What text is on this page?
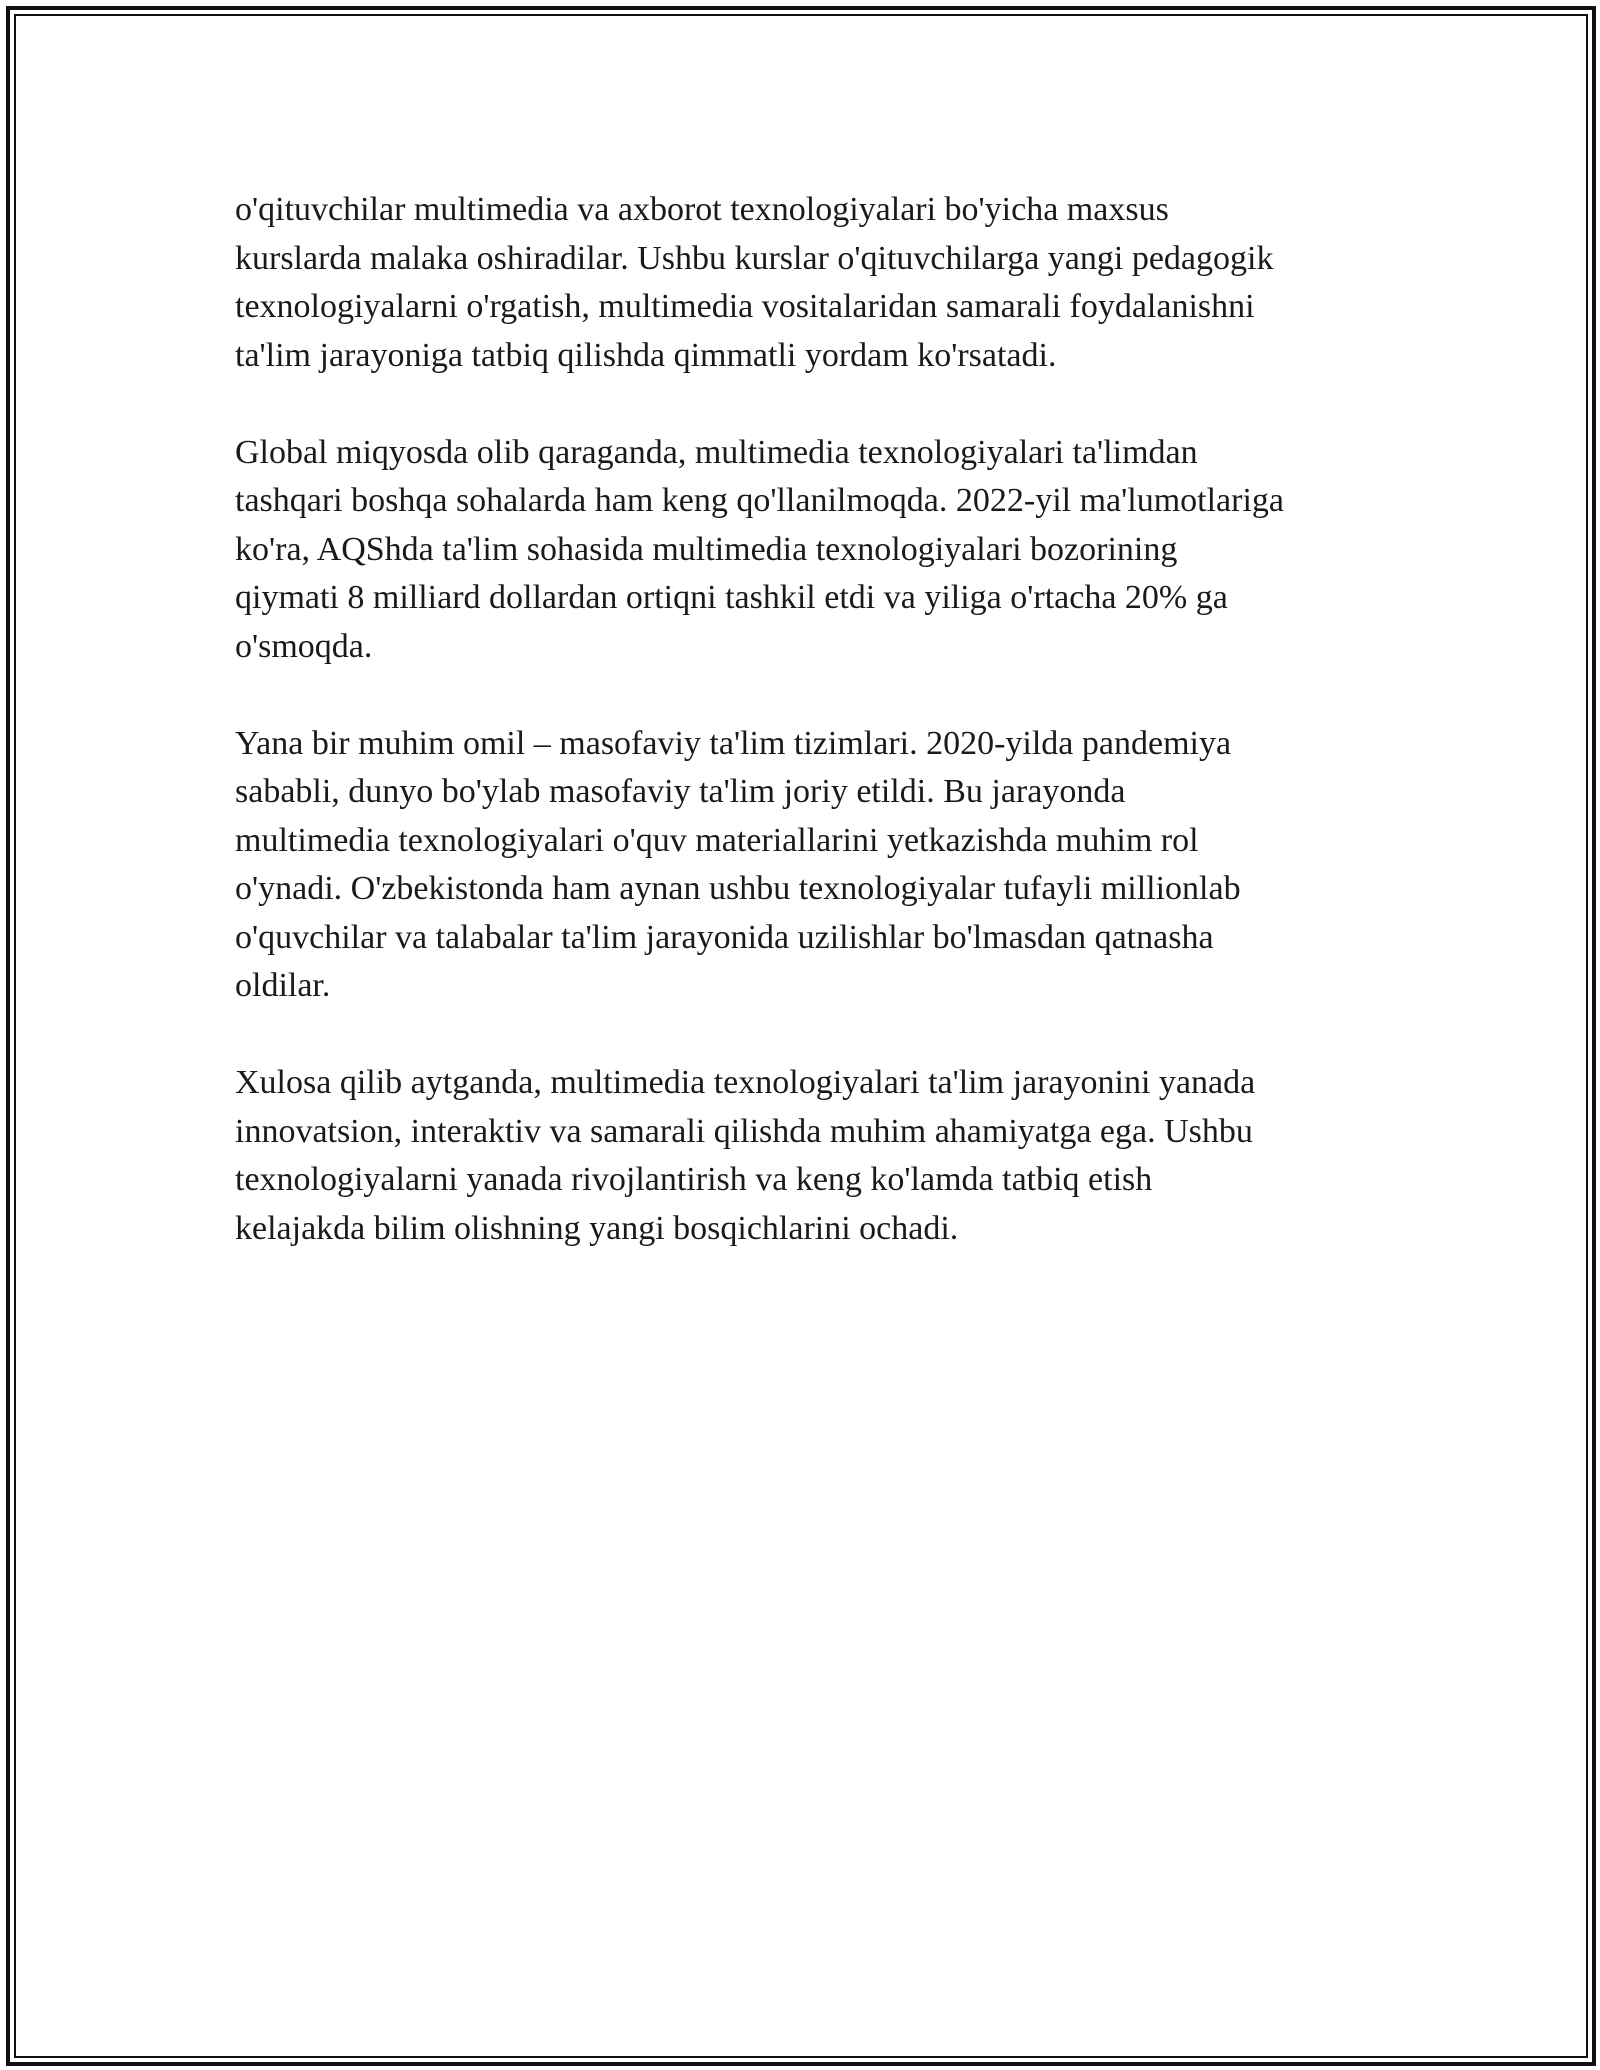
o'qituvchilar multimedia va axborot texnologiyalari bo'yicha maxsus
kurslarda malaka oshiradilar. Ushbu kurslar o'qituvchilarga yangi pedagogik
texnologiyalarni o'rgatish, multimedia vositalaridan samarali foydalanishni
ta'lim jarayoniga tatbiq qilishda qimmatli yordam ko'rsatadi.

Global miqyosda olib qaraganda, multimedia texnologiyalari ta'limdan
tashqari boshqa sohalarda ham keng qo'llanilmoqda. 2022-yil ma'lumotlariga
ko'ra, AQShda ta'lim sohasida multimedia texnologiyalari bozorining
qiymati 8 milliard dollardan ortiqni tashkil etdi va yiliga o'rtacha 20% ga
o'smoqda.

Yana bir muhim omil – masofaviy ta'lim tizimlari. 2020-yilda pandemiya
sababli, dunyo bo'ylab masofaviy ta'lim joriy etildi. Bu jarayonda
multimedia texnologiyalari o'quv materiallarini yetkazishda muhim rol
o'ynadi. O'zbekistonda ham aynan ushbu texnologiyalar tufayli millionlab
o'quvchilar va talabalar ta'lim jarayonida uzilishlar bo'lmasdan qatnasha
oldilar.

Xulosa qilib aytganda, multimedia texnologiyalari ta'lim jarayonini yanada
innovatsion, interaktiv va samarali qilishda muhim ahamiyatga ega. Ushbu
texnologiyalarni yanada rivojlantirish va keng ko'lamda tatbiq etish
kelajakda bilim olishning yangi bosqichlarini ochadi.
